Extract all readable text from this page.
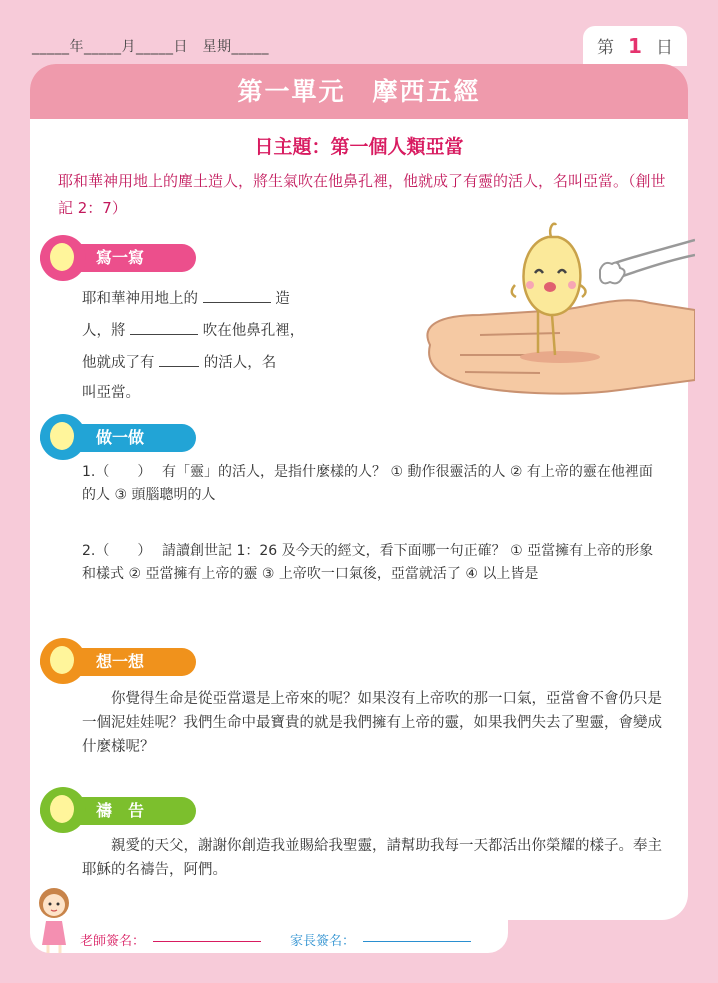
_____年_____月_____日　星期_____	第 1 日
第一單元　摩西五經
日主題：第一個人類亞當
耶和華神用地上的塵土造人，將生氣吹在他鼻孔裡，他就成了有靈的活人，名叫亞當。（創世記 2：7）
寫一寫
耶和華神用地上的	造
人，將	吹在他鼻孔裡，
他就成了有	的活人，名
叫亞當。
做一做
1.（　　） 有「靈」的活人，是指什麼樣的人？ ① 動作很靈活的人 ② 有上帝的靈在他裡面的人 ③ 頭腦聰明的人
2.（　　） 請讀創世記 1：26 及今天的經文，看下面哪一句正確？ ① 亞當擁有上帝的形象和樣式 ② 亞當擁有上帝的靈 ③ 上帝吹一口氣後，亞當就活了 ④ 以上皆是
想一想
你覺得生命是從亞當還是上帝來的呢？如果沒有上帝吹的那一口氣，亞當會不會仍只是一個泥娃娃呢？我們生命中最寶貴的就是我們擁有上帝的靈，如果我們失去了聖靈，會變成什麼樣呢？
禱　告
親愛的天父，謝謝你創造我並賜給我聖靈，請幫助我每一天都活出你榮耀的樣子。奉主耶穌的名禱告，阿們。
老師簽名：	家長簽名：
